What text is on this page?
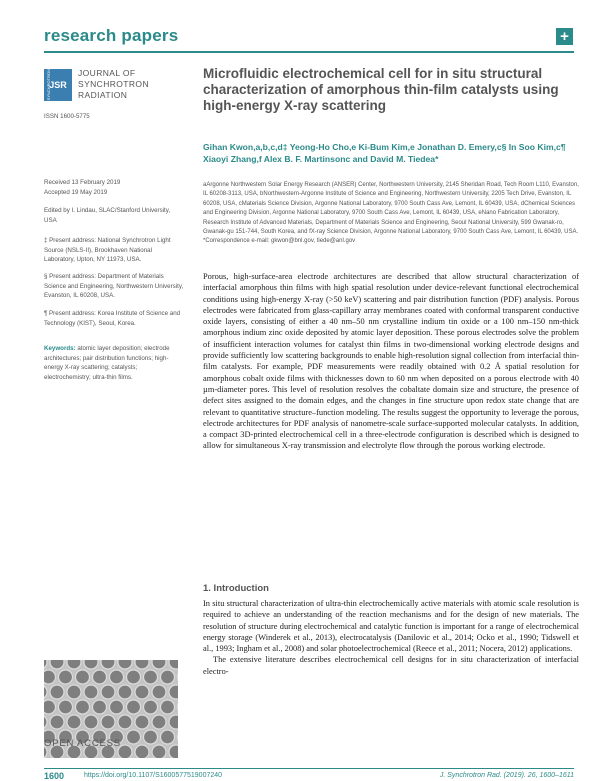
research papers	+
JSR
SYNCHROTRON	JOURNAL OF SYNCHROTRON RADIATION
ISSN 1600-5775
Received 13 February 2019
Accepted 19 May 2019
Edited by I. Lindau, SLAC/Stanford University, USA
‡ Present address: National Synchrotron Light Source (NSLS-II), Brookhaven National Laboratory, Upton, NY 11973, USA.
§ Present address: Department of Materials Science and Engineering, Northwestern University, Evanston, IL 60208, USA.
¶ Present address: Korea Institute of Science and Technology (KIST), Seoul, Korea.
Keywords: atomic layer deposition; electrode architectures; pair distribution functions; high-energy X-ray scattering; catalysts; electrochemistry; ultra-thin films.
Microfluidic electrochemical cell for in situ structural characterization of amorphous thin-film catalysts using high-energy X-ray scattering
Gihan Kwon,a,b,c,d‡ Yeong-Ho Cho,e Ki-Bum Kim,e Jonathan D. Emery,c§ In Soo Kim,c¶ Xiaoyi Zhang,f Alex B. F. Martinsonc and David M. Tiedea*
aArgonne Northwestern Solar Energy Research (ANSER) Center, Northwestern University, 2145 Sheridan Road, Tech Room L110, Evanston, IL 60208-3113, USA, bNorthwestern-Argonne Institute of Science and Engineering, Northwestern University, 2205 Tech Drive, Evanston, IL 60208, USA, cMaterials Science Division, Argonne National Laboratory, 9700 South Cass Ave, Lemont, IL 60439, USA, dChemical Sciences and Engineering Division, Argonne National Laboratory, 9700 South Cass Ave, Lemont, IL 60439, USA, eNano Fabrication Laboratory, Research Institute of Advanced Materials, Department of Materials Science and Engineering, Seoul National University, 599 Gwanak-ro, Gwanak-gu 151-744, South Korea, and fX-ray Science Division, Argonne National Laboratory, 9700 South Cass Ave, Lemont, IL 60439, USA. *Correspondence e-mail: gkwon@bnl.gov, tiede@anl.gov
Porous, high-surface-area electrode architectures are described that allow structural characterization of interfacial amorphous thin films with high spatial resolution under device-relevant functional electrochemical conditions using high-energy X-ray (>50 keV) scattering and pair distribution function (PDF) analysis. Porous electrodes were fabricated from glass-capillary array membranes coated with conformal transparent conductive oxide layers, consisting of either a 40 nm–50 nm crystalline indium tin oxide or a 100 nm–150 nm-thick amorphous indium zinc oxide deposited by atomic layer deposition. These porous electrodes solve the problem of insufficient interaction volumes for catalyst thin films in two-dimensional working electrode designs and provide sufficiently low scattering backgrounds to enable high-resolution signal collection from interfacial thin-film catalysts. For example, PDF measurements were readily obtained with 0.2 Å spatial resolution for amorphous cobalt oxide films with thicknesses down to 60 nm when deposited on a porous electrode with 40 µm-diameter pores. This level of resolution resolves the cobaltate domain size and structure, the presence of defect sites assigned to the domain edges, and the changes in fine structure upon redox state change that are relevant to quantitative structure–function modeling. The results suggest the opportunity to leverage the porous, electrode architectures for PDF analysis of nanometre-scale surface-supported molecular catalysts. In addition, a compact 3D-printed electrochemical cell in a three-electrode configuration is described which is designed to allow for simultaneous X-ray transmission and electrolyte flow through the porous working electrode.
1. Introduction

In situ structural characterization of ultra-thin electrochemically active materials with atomic scale resolution is required to achieve an understanding of the reaction mechanisms and for the design of new materials. The resolution of structure during electrochemical and catalytic function is important for a range of electrochemical energy storage (Winderek et al., 2013), electrocatalysis (Danilovic et al., 2014; Ocko et al., 1990; Tidswell et al., 1993; Ingham et al., 2008) and solar photoelectrochemical (Reece et al., 2011; Nocera, 2012) applications.

The extensive literature describes electrochemical cell designs for in situ characterization of interfacial electro-

OPEN ACCESS
1600	https://doi.org/10.1107/S1600577519007240	J. Synchrotron Rad. (2019). 26, 1600–1611
